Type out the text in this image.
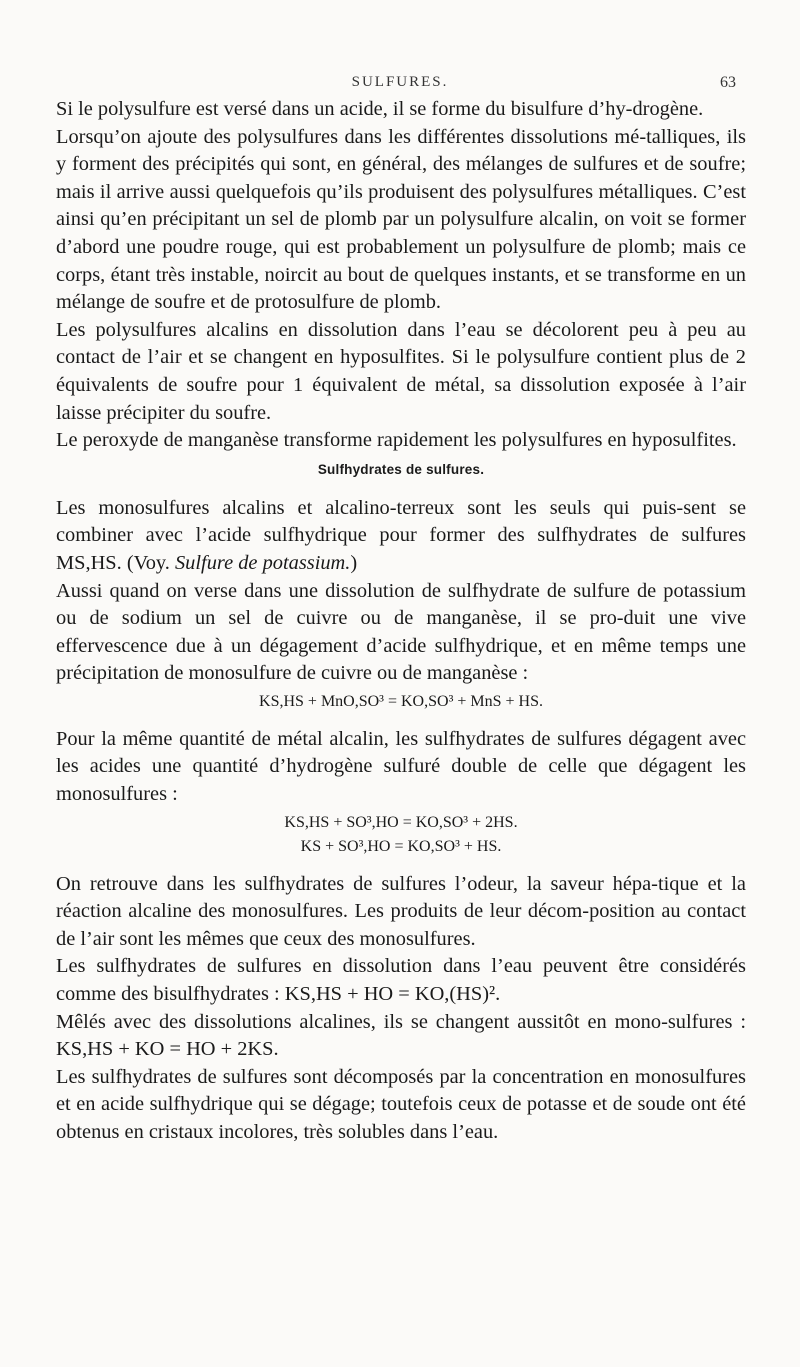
SULFURES.	63

Si le polysulfure est versé dans un acide, il se forme du bisulfure d’hy-drogène.

Lorsqu’on ajoute des polysulfures dans les différentes dissolutions mé-talliques, ils y forment des précipités qui sont, en général, des mélanges de sulfures et de soufre; mais il arrive aussi quelquefois qu’ils produisent des polysulfures métalliques. C’est ainsi qu’en précipitant un sel de plomb par un polysulfure alcalin, on voit se former d’abord une poudre rouge, qui est probablement un polysulfure de plomb; mais ce corps, étant très instable, noircit au bout de quelques instants, et se transforme en un mélange de soufre et de protosulfure de plomb.

Les polysulfures alcalins en dissolution dans l’eau se décolorent peu à peu au contact de l’air et se changent en hyposulfites. Si le polysulfure contient plus de 2 équivalents de soufre pour 1 équivalent de métal, sa dissolution exposée à l’air laisse précipiter du soufre.

Le peroxyde de manganèse transforme rapidement les polysulfures en hyposulfites.

Sulfhydrates de sulfures.

Les monosulfures alcalins et alcalino-terreux sont les seuls qui puis-sent se combiner avec l’acide sulfhydrique pour former des sulfhydrates de sulfures MS,HS. (Voy. Sulfure de potassium.)

Aussi quand on verse dans une dissolution de sulfhydrate de sulfure de potassium ou de sodium un sel de cuivre ou de manganèse, il se pro-duit une vive effervescence due à un dégagement d’acide sulfhydrique, et en même temps une précipitation de monosulfure de cuivre ou de manganèse :

KS,HS + MnO,SO³ = KO,SO³ + MnS + HS.

Pour la même quantité de métal alcalin, les sulfhydrates de sulfures dégagent avec les acides une quantité d’hydrogène sulfuré double de celle que dégagent les monosulfures :

KS,HS + SO³,HO = KO,SO³ + 2HS.

KS + SO³,HO = KO,SO³ + HS.

On retrouve dans les sulfhydrates de sulfures l’odeur, la saveur hépa-tique et la réaction alcaline des monosulfures. Les produits de leur décom-position au contact de l’air sont les mêmes que ceux des monosulfures.

Les sulfhydrates de sulfures en dissolution dans l’eau peuvent être considérés comme des bisulfhydrates : KS,HS + HO = KO,(HS)².

Mêlés avec des dissolutions alcalines, ils se changent aussitôt en mono-sulfures : KS,HS + KO = HO + 2KS.

Les sulfhydrates de sulfures sont décomposés par la concentration en monosulfures et en acide sulfhydrique qui se dégage; toutefois ceux de potasse et de soude ont été obtenus en cristaux incolores, très solubles dans l’eau.
